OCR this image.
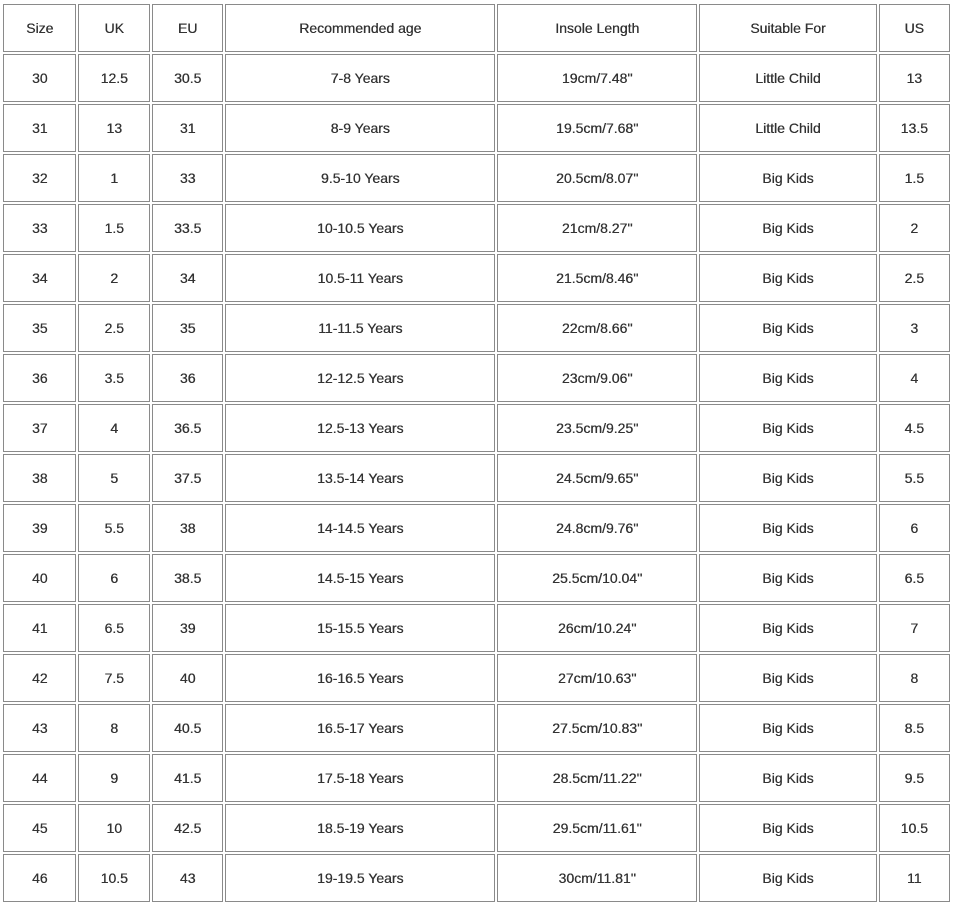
Size	UK	EU	Recommended age	Insole Length	Suitable For	US
30	12.5	30.5	7-8 Years	19cm/7.48''	Little Child	13
31	13	31	8-9 Years	19.5cm/7.68''	Little Child	13.5
32	1	33	9.5-10 Years	20.5cm/8.07''	Big Kids	1.5
33	1.5	33.5	10-10.5 Years	21cm/8.27''	Big Kids	2
34	2	34	10.5-11 Years	21.5cm/8.46''	Big Kids	2.5
35	2.5	35	11-11.5 Years	22cm/8.66''	Big Kids	3
36	3.5	36	12-12.5 Years	23cm/9.06''	Big Kids	4
37	4	36.5	12.5-13 Years	23.5cm/9.25''	Big Kids	4.5
38	5	37.5	13.5-14 Years	24.5cm/9.65''	Big Kids	5.5
39	5.5	38	14-14.5 Years	24.8cm/9.76''	Big Kids	6
40	6	38.5	14.5-15 Years	25.5cm/10.04''	Big Kids	6.5
41	6.5	39	15-15.5 Years	26cm/10.24''	Big Kids	7
42	7.5	40	16-16.5 Years	27cm/10.63''	Big Kids	8
43	8	40.5	16.5-17 Years	27.5cm/10.83''	Big Kids	8.5
44	9	41.5	17.5-18 Years	28.5cm/11.22''	Big Kids	9.5
45	10	42.5	18.5-19 Years	29.5cm/11.61''	Big Kids	10.5
46	10.5	43	19-19.5 Years	30cm/11.81''	Big Kids	11
